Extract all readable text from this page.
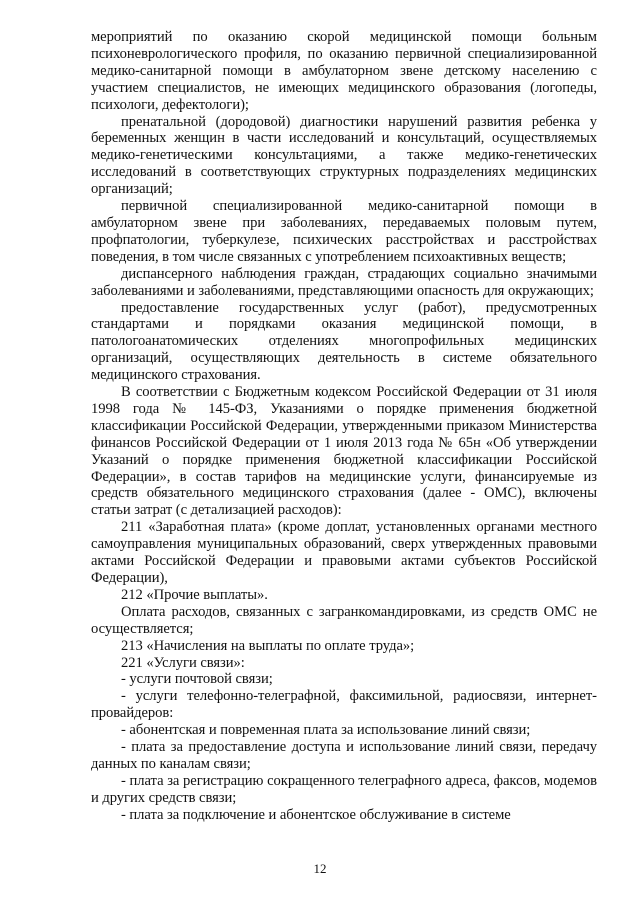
мероприятий по оказанию скорой медицинской помощи больным психоневрологического профиля, по оказанию первичной специализированной медико-санитарной помощи в амбулаторном звене детскому населению с участием специалистов, не имеющих медицинского образования (логопеды, психологи, дефектологи);

пренатальной (дородовой) диагностики нарушений развития ребенка у беременных женщин в части исследований и консультаций, осуществляемых медико-генетическими консультациями, а также медико-генетических исследований в соответствующих структурных подразделениях медицинских организаций;

первичной специализированной медико-санитарной помощи в амбулаторном звене при заболеваниях, передаваемых половым путем, профпатологии, туберкулезе, психических расстройствах и расстройствах поведения, в том числе связанных с употреблением психоактивных веществ;

диспансерного наблюдения граждан, страдающих социально значимыми заболеваниями и заболеваниями, представляющими опасность для окружающих;

предоставление государственных услуг (работ), предусмотренных стандартами и порядками оказания медицинской помощи, в патологоанатомических отделениях многопрофильных медицинских организаций, осуществляющих деятельность в системе обязательного медицинского страхования.

В соответствии с Бюджетным кодексом Российской Федерации от 31 июля 1998 года № 145-ФЗ, Указаниями о порядке применения бюджетной классификации Российской Федерации, утвержденными приказом Министерства финансов Российской Федерации от 1 июля 2013 года № 65н «Об утверждении Указаний о порядке применения бюджетной классификации Российской Федерации», в состав тарифов на медицинские услуги, финансируемые из средств обязательного медицинского страхования (далее - ОМС), включены статьи затрат (с детализацией расходов):

211 «Заработная плата» (кроме доплат, установленных органами местного самоуправления муниципальных образований, сверх утвержденных правовыми актами Российской Федерации и правовыми актами субъектов Российской Федерации),

212 «Прочие выплаты».

Оплата расходов, связанных с загранкомандировками, из средств ОМС не осуществляется;

213 «Начисления на выплаты по оплате труда»;

221 «Услуги связи»:

- услуги почтовой связи;

- услуги телефонно-телеграфной, факсимильной, радиосвязи, интернет-провайдеров:

- абонентская и повременная плата за использование линий связи;

- плата за предоставление доступа и использование линий связи, передачу данных по каналам связи;

- плата за регистрацию сокращенного телеграфного адреса, факсов, модемов и других средств связи;

- плата за подключение и абонентское обслуживание в системе

12
